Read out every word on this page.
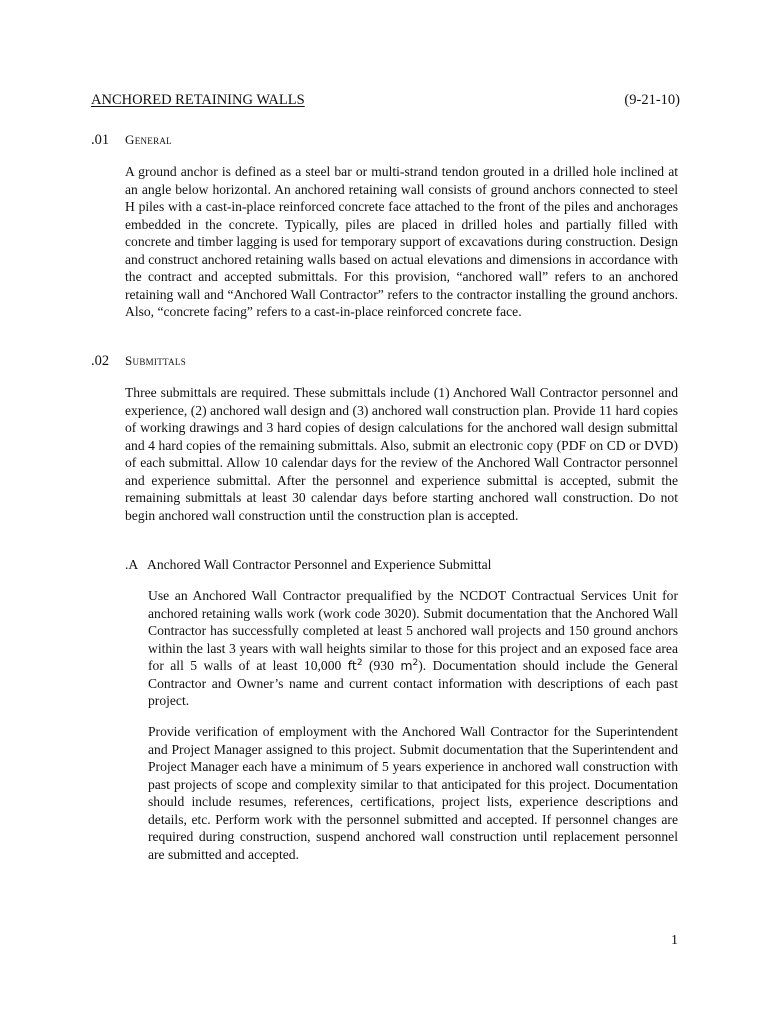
ANCHORED RETAINING WALLS	(9-21-10)
.01 General

A ground anchor is defined as a steel bar or multi-strand tendon grouted in a drilled hole inclined at an angle below horizontal. An anchored retaining wall consists of ground anchors connected to steel H piles with a cast-in-place reinforced concrete face attached to the front of the piles and anchorages embedded in the concrete. Typically, piles are placed in drilled holes and partially filled with concrete and timber lagging is used for temporary support of excavations during construction. Design and construct anchored retaining walls based on actual elevations and dimensions in accordance with the contract and accepted submittals. For this provision, “anchored wall” refers to an anchored retaining wall and “Anchored Wall Contractor” refers to the contractor installing the ground anchors. Also, “concrete facing” refers to a cast-in-place reinforced concrete face.

.02 Submittals

Three submittals are required. These submittals include (1) Anchored Wall Contractor personnel and experience, (2) anchored wall design and (3) anchored wall construction plan. Provide 11 hard copies of working drawings and 3 hard copies of design calculations for the anchored wall design submittal and 4 hard copies of the remaining submittals. Also, submit an electronic copy (PDF on CD or DVD) of each submittal. Allow 10 calendar days for the review of the Anchored Wall Contractor personnel and experience submittal. After the personnel and experience submittal is accepted, submit the remaining submittals at least 30 calendar days before starting anchored wall construction. Do not begin anchored wall construction until the construction plan is accepted.

.A Anchored Wall Contractor Personnel and Experience Submittal

Use an Anchored Wall Contractor prequalified by the NCDOT Contractual Services Unit for anchored retaining walls work (work code 3020). Submit documentation that the Anchored Wall Contractor has successfully completed at least 5 anchored wall projects and 150 ground anchors within the last 3 years with wall heights similar to those for this project and an exposed face area for all 5 walls of at least 10,000 $ft^2$ (930 $m^2$). Documentation should include the General Contractor and Owner’s name and current contact information with descriptions of each past project.

Provide verification of employment with the Anchored Wall Contractor for the Superintendent and Project Manager assigned to this project. Submit documentation that the Superintendent and Project Manager each have a minimum of 5 years experience in anchored wall construction with past projects of scope and complexity similar to that anticipated for this project. Documentation should include resumes, references, certifications, project lists, experience descriptions and details, etc. Perform work with the personnel submitted and accepted. If personnel changes are required during construction, suspend anchored wall construction until replacement personnel are submitted and accepted.

1
